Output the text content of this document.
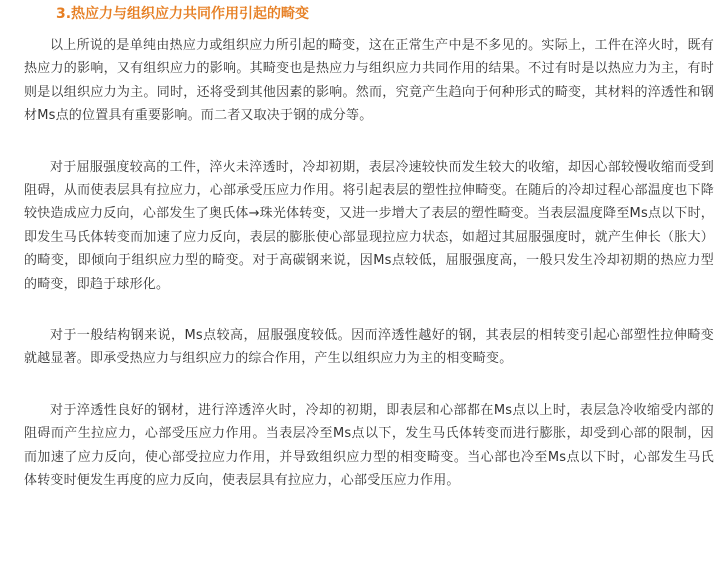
3.热应力与组织应力共同作用引起的畸变

以上所说的是单纯由热应力或组织应力所引起的畸变，这在正常生产中是不多见的。实际上，工件在淬火时，既有热应力的影响，又有组织应力的影响。其畸变也是热应力与组织应力共同作用的结果。不过有时是以热应力为主，有时则是以组织应力为主。同时，还将受到其他因素的影响。然而，究竟产生趋向于何种形式的畸变，其材料的淬透性和钢材Ms点的位置具有重要影响。而二者又取决于钢的成分等。

对于屈服强度较高的工件，淬火未淬透时，冷却初期，表层冷速较快而发生较大的收缩，却因心部较慢收缩而受到阻碍，从而使表层具有拉应力，心部承受压应力作用。将引起表层的塑性拉伸畸变。在随后的冷却过程心部温度也下降较快造成应力反向，心部发生了奥氏体→珠光体转变，又进一步增大了表层的塑性畸变。当表层温度降至Ms点以下时，即发生马氏体转变而加速了应力反向，表层的膨胀使心部显现拉应力状态，如超过其屈服强度时，就产生伸长（胀大）的畸变，即倾向于组织应力型的畸变。对于高碳钢来说，因Ms点较低，屈服强度高，一般只发生冷却初期的热应力型的畸变，即趋于球形化。

对于一般结构钢来说，Ms点较高，屈服强度较低。因而淬透性越好的钢，其表层的相转变引起心部塑性拉伸畸变就越显著。即承受热应力与组织应力的综合作用，产生以组织应力为主的相变畸变。

对于淬透性良好的钢材，进行淬透淬火时，冷却的初期，即表层和心部都在Ms点以上时，表层急冷收缩受内部的阻碍而产生拉应力，心部受压应力作用。当表层冷至Ms点以下，发生马氏体转变而进行膨胀，却受到心部的限制，因而加速了应力反向，使心部受拉应力作用，并导致组织应力型的相变畸变。当心部也冷至Ms点以下时，心部发生马氏体转变时便发生再度的应力反向，使表层具有拉应力，心部受压应力作用。
